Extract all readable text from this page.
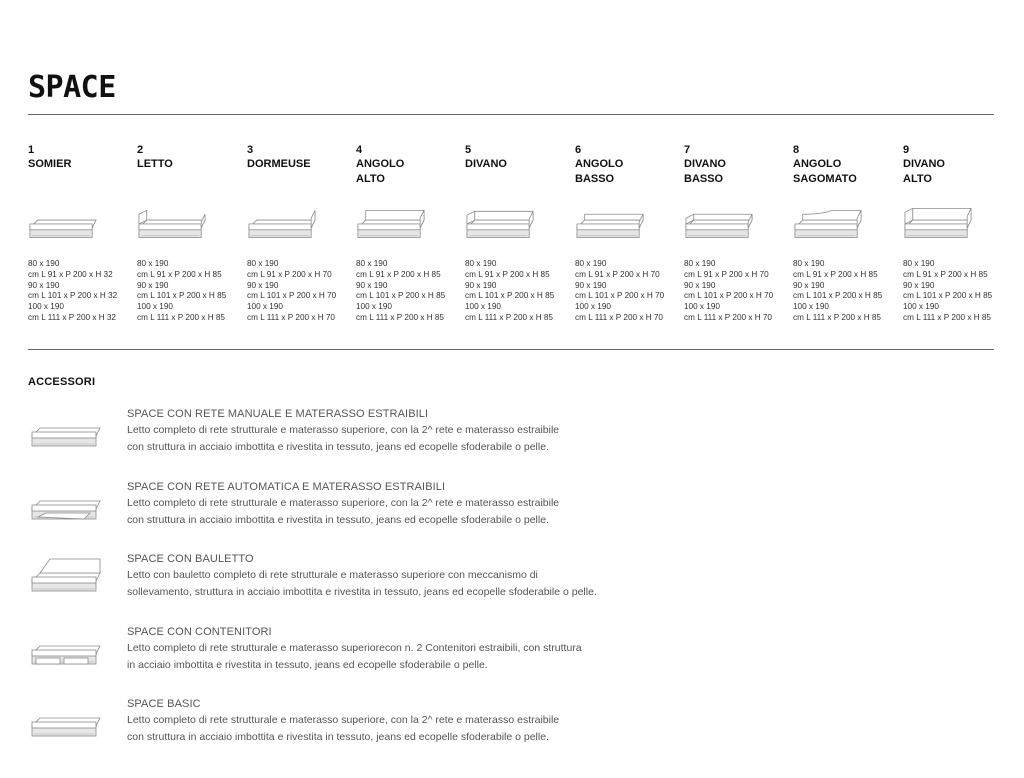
SPACE
1
SOMIER
80 x 190
cm L 91 x P 200 x H 32
90 x 190
cm L 101 x P 200 x H 32
100 x 190
cm L 111 x P 200 x H 32
2
LETTO
80 x 190
cm L 91 x P 200 x H 85
90 x 190
cm L 101 x P 200 x H 85
100 x 190
cm L 111 x P 200 x H 85
3
DORMEUSE
80 x 190
cm L 91 x P 200 x H 70
90 x 190
cm L 101 x P 200 x H 70
100 x 190
cm L 111 x P 200 x H 70
4
ANGOLO
ALTO
80 x 190
cm L 91 x P 200 x H 85
90 x 190
cm L 101 x P 200 x H 85
100 x 190
cm L 111 x P 200 x H 85
5
DIVANO
80 x 190
cm L 91 x P 200 x H 85
90 x 190
cm L 101 x P 200 x H 85
100 x 190
cm L 111 x P 200 x H 85
6
ANGOLO
BASSO
80 x 190
cm L 91 x P 200 x H 70
90 x 190
cm L 101 x P 200 x H 70
100 x 190
cm L 111 x P 200 x H 70
7
DIVANO
BASSO
80 x 190
cm L 91 x P 200 x H 70
90 x 190
cm L 101 x P 200 x H 70
100 x 190
cm L 111 x P 200 x H 70
8
ANGOLO
SAGOMATO
80 x 190
cm L 91 x P 200 x H 85
90 x 190
cm L 101 x P 200 x H 85
100 x 190
cm L 111 x P 200 x H 85
9
DIVANO
ALTO
80 x 190
cm L 91 x P 200 x H 85
90 x 190
cm L 101 x P 200 x H 85
100 x 190
cm L 111 x P 200 x H 85
ACCESSORI
SPACE CON RETE MANUALE E MATERASSO ESTRAIBILI
Letto completo di rete strutturale e materasso superiore, con la 2^ rete e materasso estraibile
con struttura in acciaio imbottita e rivestita in tessuto, jeans ed ecopelle sfoderabile o pelle.
SPACE CON RETE AUTOMATICA E MATERASSO ESTRAIBILI
Letto completo di rete strutturale e materasso superiore, con la 2^ rete e materasso estraibile
con struttura in acciaio imbottita e rivestita in tessuto, jeans ed ecopelle sfoderabile o pelle.
SPACE CON BAULETTO
Letto con bauletto completo di rete strutturale e materasso superiore con meccanismo di
sollevamento, struttura in acciaio imbottita e rivestita in tessuto, jeans ed ecopelle sfoderabile o pelle.
SPACE CON CONTENITORI
Letto completo di rete strutturale e materasso superiorecon n. 2 Contenitori estraibili, con struttura
in acciaio imbottita e rivestita in tessuto, jeans ed ecopelle sfoderabile o pelle.
SPACE BASIC
Letto completo di rete strutturale e materasso superiore, con la 2^ rete e materasso estraibile
con struttura in acciaio imbottita e rivestita in tessuto, jeans ed ecopelle sfoderabile o pelle.
